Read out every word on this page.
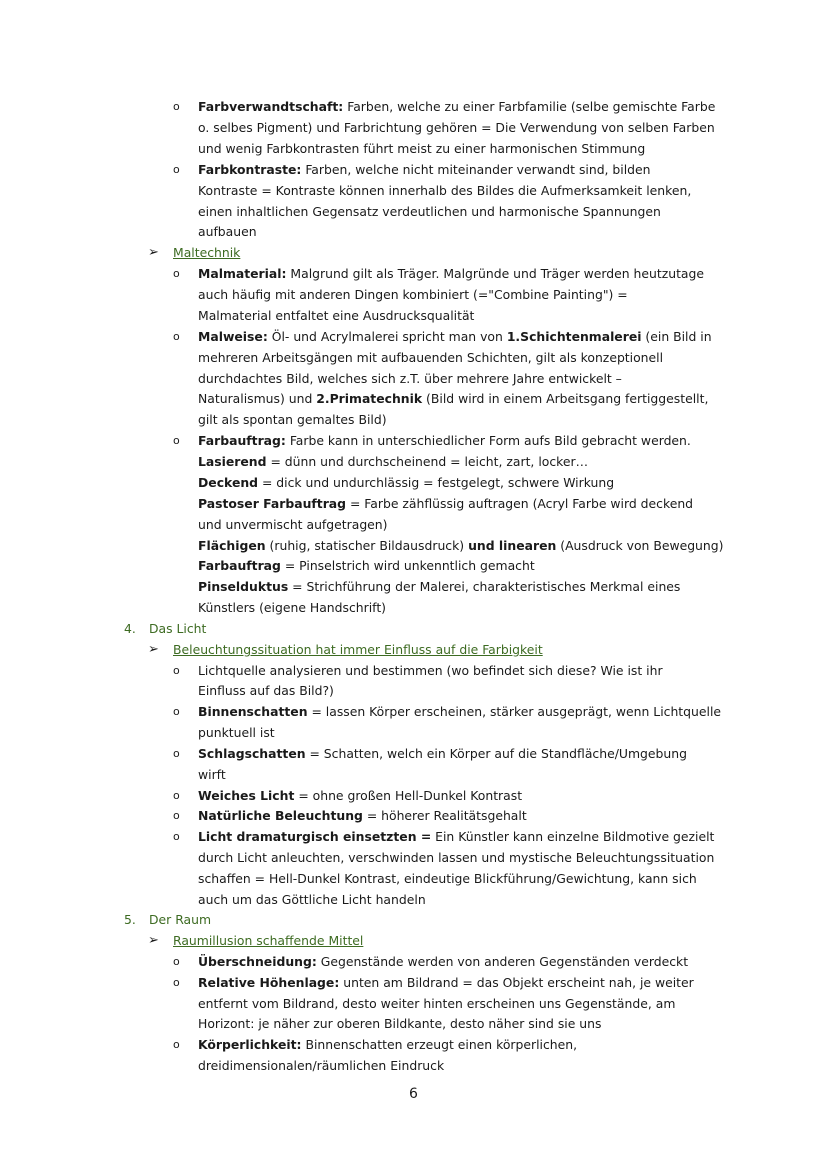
o Farbverwandtschaft: Farben, welche zu einer Farbfamilie (selbe gemischte Farbe
o. selbes Pigment) und Farbrichtung gehören = Die Verwendung von selben Farben
und wenig Farbkontrasten führt meist zu einer harmonischen Stimmung
o Farbkontraste: Farben, welche nicht miteinander verwandt sind, bilden
Kontraste = Kontraste können innerhalb des Bildes die Aufmerksamkeit lenken,
einen inhaltlichen Gegensatz verdeutlichen und harmonische Spannungen
aufbauen
➢ Maltechnik
o Malmaterial: Malgrund gilt als Träger. Malgründe und Träger werden heutzutage
auch häufig mit anderen Dingen kombiniert (="Combine Painting") =
Malmaterial entfaltet eine Ausdrucksqualität
o Malweise: Öl- und Acrylmalerei spricht man von 1.Schichtenmalerei (ein Bild in
mehreren Arbeitsgängen mit aufbauenden Schichten, gilt als konzeptionell
durchdachtes Bild, welches sich z.T. über mehrere Jahre entwickelt –
Naturalismus) und 2.Primatechnik (Bild wird in einem Arbeitsgang fertiggestellt,
gilt als spontan gemaltes Bild)
o Farbauftrag: Farbe kann in unterschiedlicher Form aufs Bild gebracht werden.
Lasierend = dünn und durchscheinend = leicht, zart, locker…
Deckend = dick und undurchlässig = festgelegt, schwere Wirkung
Pastoser Farbauftrag = Farbe zähflüssig auftragen (Acryl Farbe wird deckend
und unvermischt aufgetragen)
Flächigen (ruhig, statischer Bildausdruck) und linearen (Ausdruck von Bewegung)
Farbauftrag = Pinselstrich wird unkenntlich gemacht
Pinselduktus = Strichführung der Malerei, charakteristisches Merkmal eines
Künstlers (eigene Handschrift)
4. Das Licht
➢ Beleuchtungssituation hat immer Einfluss auf die Farbigkeit
o Lichtquelle analysieren und bestimmen (wo befindet sich diese? Wie ist ihr
Einfluss auf das Bild?)
o Binnenschatten = lassen Körper erscheinen, stärker ausgeprägt, wenn Lichtquelle
punktuell ist
o Schlagschatten = Schatten, welch ein Körper auf die Standfläche/Umgebung
wirft
o Weiches Licht = ohne großen Hell-Dunkel Kontrast
o Natürliche Beleuchtung = höherer Realitätsgehalt
o Licht dramaturgisch einsetzten = Ein Künstler kann einzelne Bildmotive gezielt
durch Licht anleuchten, verschwinden lassen und mystische Beleuchtungssituation
schaffen = Hell-Dunkel Kontrast, eindeutige Blickführung/Gewichtung, kann sich
auch um das Göttliche Licht handeln
5. Der Raum
➢ Raumillusion schaffende Mittel
o Überschneidung: Gegenstände werden von anderen Gegenständen verdeckt
o Relative Höhenlage: unten am Bildrand = das Objekt erscheint nah, je weiter
entfernt vom Bildrand, desto weiter hinten erscheinen uns Gegenstände, am
Horizont: je näher zur oberen Bildkante, desto näher sind sie uns
o Körperlichkeit: Binnenschatten erzeugt einen körperlichen,
dreidimensionalen/räumlichen Eindruck
6
